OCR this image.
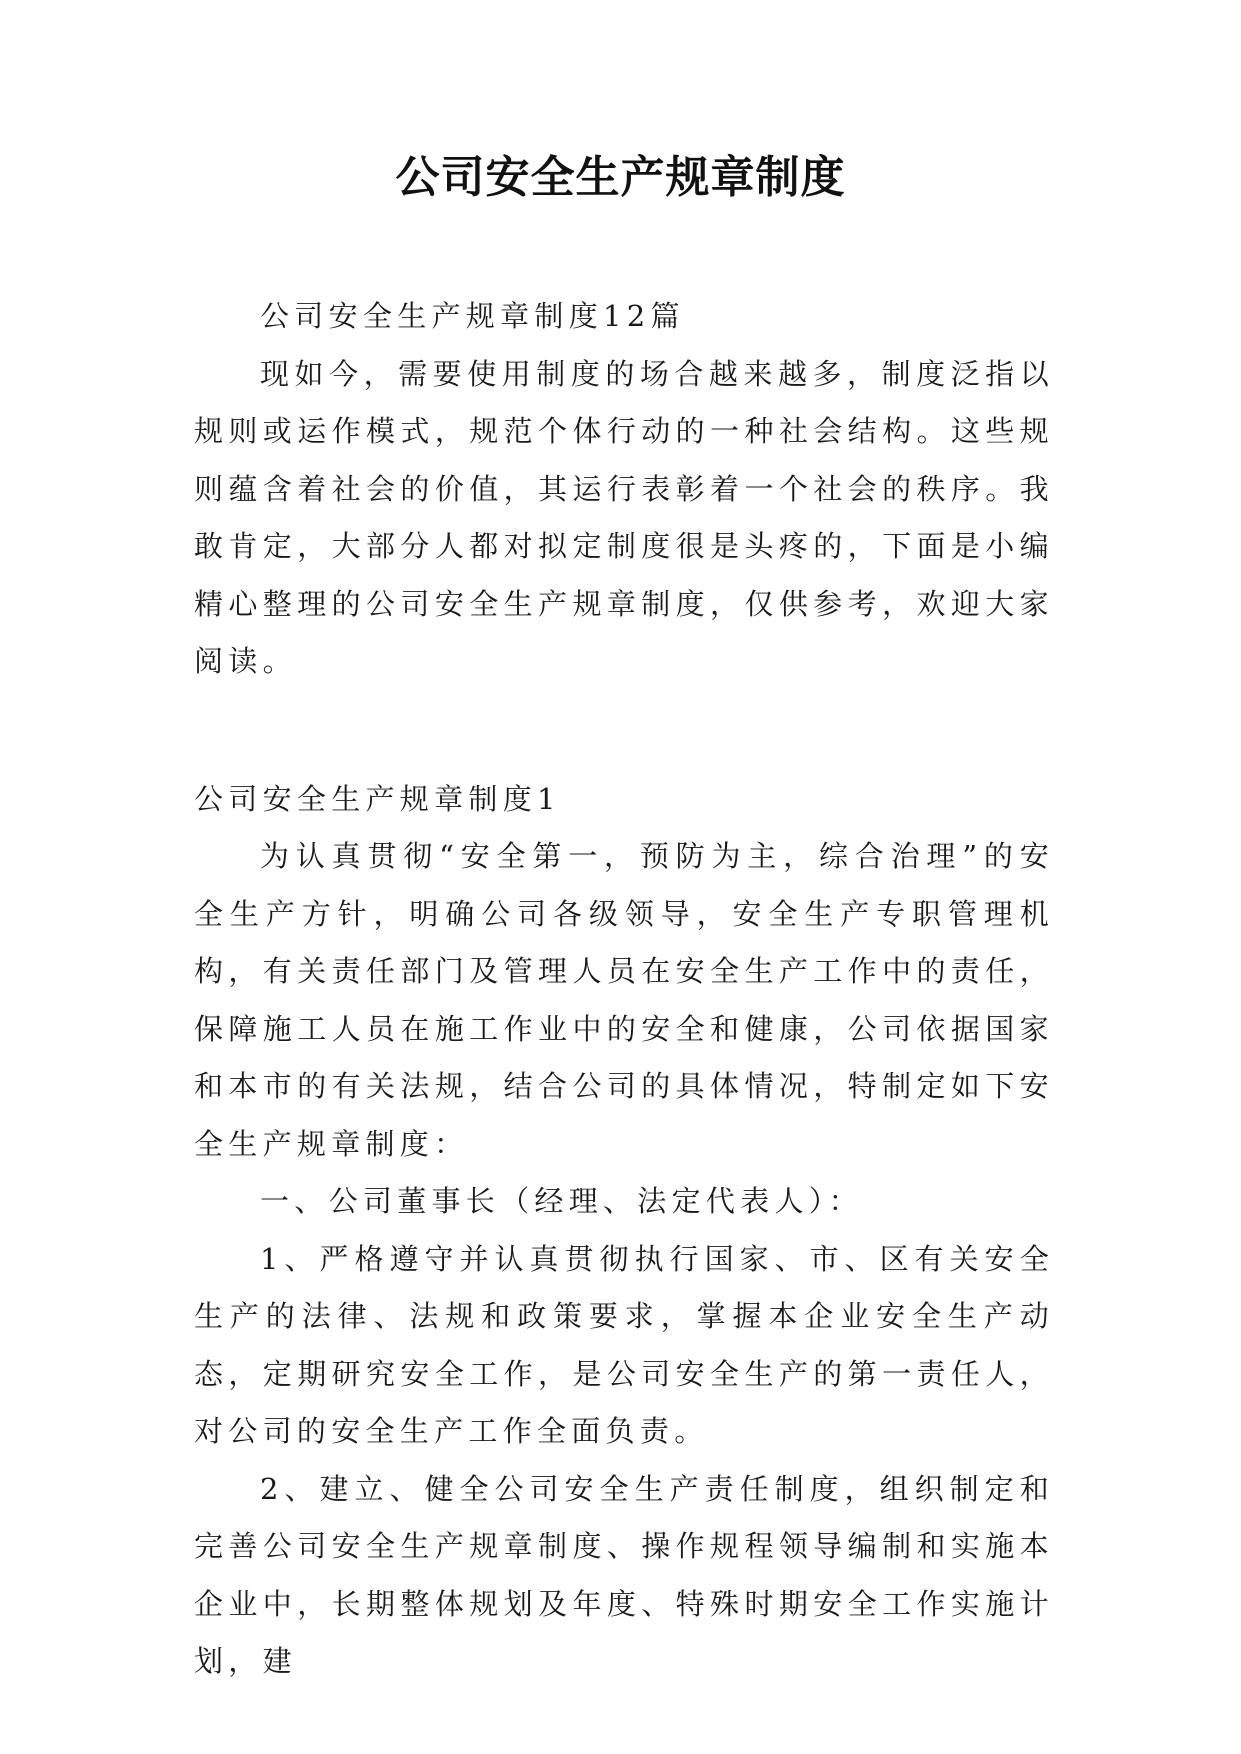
公司安全生产规章制度

公司安全生产规章制度12篇

现如今，需要使用制度的场合越来越多，制度泛指以规则或运作模式，规范个体行动的一种社会结构。这些规则蕴含着社会的价值，其运行表彰着一个社会的秩序。我敢肯定，大部分人都对拟定制度很是头疼的，下面是小编精心整理的公司安全生产规章制度，仅供参考，欢迎大家阅读。

公司安全生产规章制度1

为认真贯彻“安全第一，预防为主，综合治理”的安全生产方针，明确公司各级领导，安全生产专职管理机构，有关责任部门及管理人员在安全生产工作中的责任，保障施工人员在施工作业中的安全和健康，公司依据国家和本市的有关法规，结合公司的具体情况，特制定如下安全生产规章制度：

一、公司董事长（经理、法定代表人）：

1、严格遵守并认真贯彻执行国家、市、区有关安全生产的法律、法规和政策要求，掌握本企业安全生产动态，定期研究安全工作，是公司安全生产的第一责任人，对公司的安全生产工作全面负责。

2、建立、健全公司安全生产责任制度，组织制定和完善公司安全生产规章制度、操作规程领导编制和实施本企业中，长期整体规划及年度、特殊时期安全工作实施计划，建
